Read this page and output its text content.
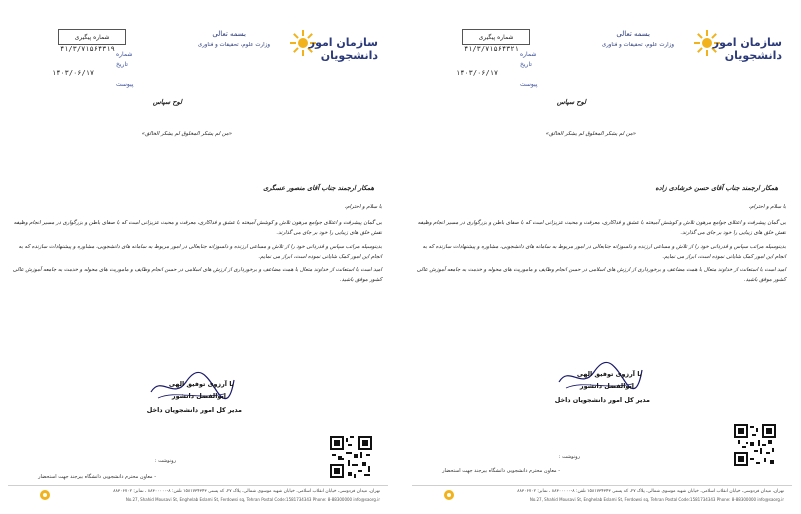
سازمان امور
دانشجویان
بسمه تعالی
وزارت علوم، تحقیقات و فناوری
شماره پیگیری
شماره
۴۱/۳/۷۱۵۶۴۳۱۹
تاریخ
۱۴۰۳/۰۶/۱۷
پیوست
لوح سپاس
«من لم یشکر المخلوق لم یشکر الخالق»
همکار ارجمند جناب آقای منصور عسگری
با سلام و احترام،
بی گمان پیشرفت و اعتلای جوامع مرهون تلاش و کوشش آمیخته با عشق و فداکاری، معرفت و محبت عزیزانی است که با صفای باطن و بزرگواری در مسیر انجام وظیفه نقش خلق های زیبایی را خود بر جای می گذارند.
بدینوسیله مراتب سپاس و قدردانی خود را از تلاش و مساعی ارزنده و دلسوزانه جنابعالی در امور مربوط به سامانه های دانشجویی، مشاوره و پیشنهادات سازنده که به انجام این امور کمک شایانی نموده است، ابراز می نمایم.
امید است با استعانت از خداوند متعال با همت مضاعف و برخورداری از ارزش های اسلامی در حسن انجام وظایف و ماموریت های محوله و خدمت به جامعه آموزش عالی کشور موفق باشید.
با آرزوی توفیق الهی
ابوالفضل دانشور
مدیر کل امور دانشجویان داخل
رونوشت :
- معاون محترم دانشجویی دانشگاه بیرجند جهت استحضار
تهران، میدان فردوسی، خیابان انقلاب اسلامی، خیابان شهید موسوی شمالی، پلاک ۲۷، کد پستی ۱۵۸۱۷۳۴۳۴۳ تلفن: ۸-۸۸۳۰۰۰۰۰ ، نمابر: ۸۸۳۰۶۷۰۲
No.27, Shahid Mousavi St, Enghelab Eslami St, Ferdowsi sq, Tehran Postal Code:1581734343 Phone: 8-88300000 info@saorg.ir
سازمان امور
دانشجویان
بسمه تعالی
وزارت علوم، تحقیقات و فناوری
شماره پیگیری
شماره
۴۱/۳/۷۱۵۶۴۳۲۱
تاریخ
۱۴۰۳/۰۶/۱۷
پیوست
لوح سپاس
«من لم یشکر المخلوق لم یشکر الخالق»
همکار ارجمند جناب آقای حسن خرشادی زاده
با سلام و احترام،
بی گمان پیشرفت و اعتلای جوامع مرهون تلاش و کوشش آمیخته با عشق و فداکاری، معرفت و محبت عزیزانی است که با صفای باطن و بزرگواری در مسیر انجام وظیفه نقش خلق های زیبایی را خود بر جای می گذارند.
بدینوسیله مراتب سپاس و قدردانی خود را از تلاش و مساعی ارزنده و دلسوزانه جنابعالی در امور مربوط به سامانه های دانشجویی، مشاوره و پیشنهادات سازنده که به انجام این امور کمک شایانی نموده است، ابراز می نمایم.
امید است با استعانت از خداوند متعال با همت مضاعف و برخورداری از ارزش های اسلامی در حسن انجام وظایف و ماموریت های محوله و خدمت به جامعه آموزش عالی کشور موفق باشید.
با آرزوی توفیق الهی
ابوالفضل دانشور
مدیر کل امور دانشجویان داخل
رونوشت :
- معاون محترم دانشجویی دانشگاه بیرجند جهت استحضار
تهران، میدان فردوسی، خیابان انقلاب اسلامی، خیابان شهید موسوی شمالی، پلاک ۲۷، کد پستی ۱۵۸۱۷۳۴۳۴۳ تلفن: ۸-۸۸۳۰۰۰۰۰ ، نمابر: ۸۸۳۰۶۷۰۲
No.27, Shahid Mousavi St, Enghelab Eslami St, Ferdowsi sq, Tehran Postal Code:1581734343 Phone: 8-88300000 info@saorg.ir
